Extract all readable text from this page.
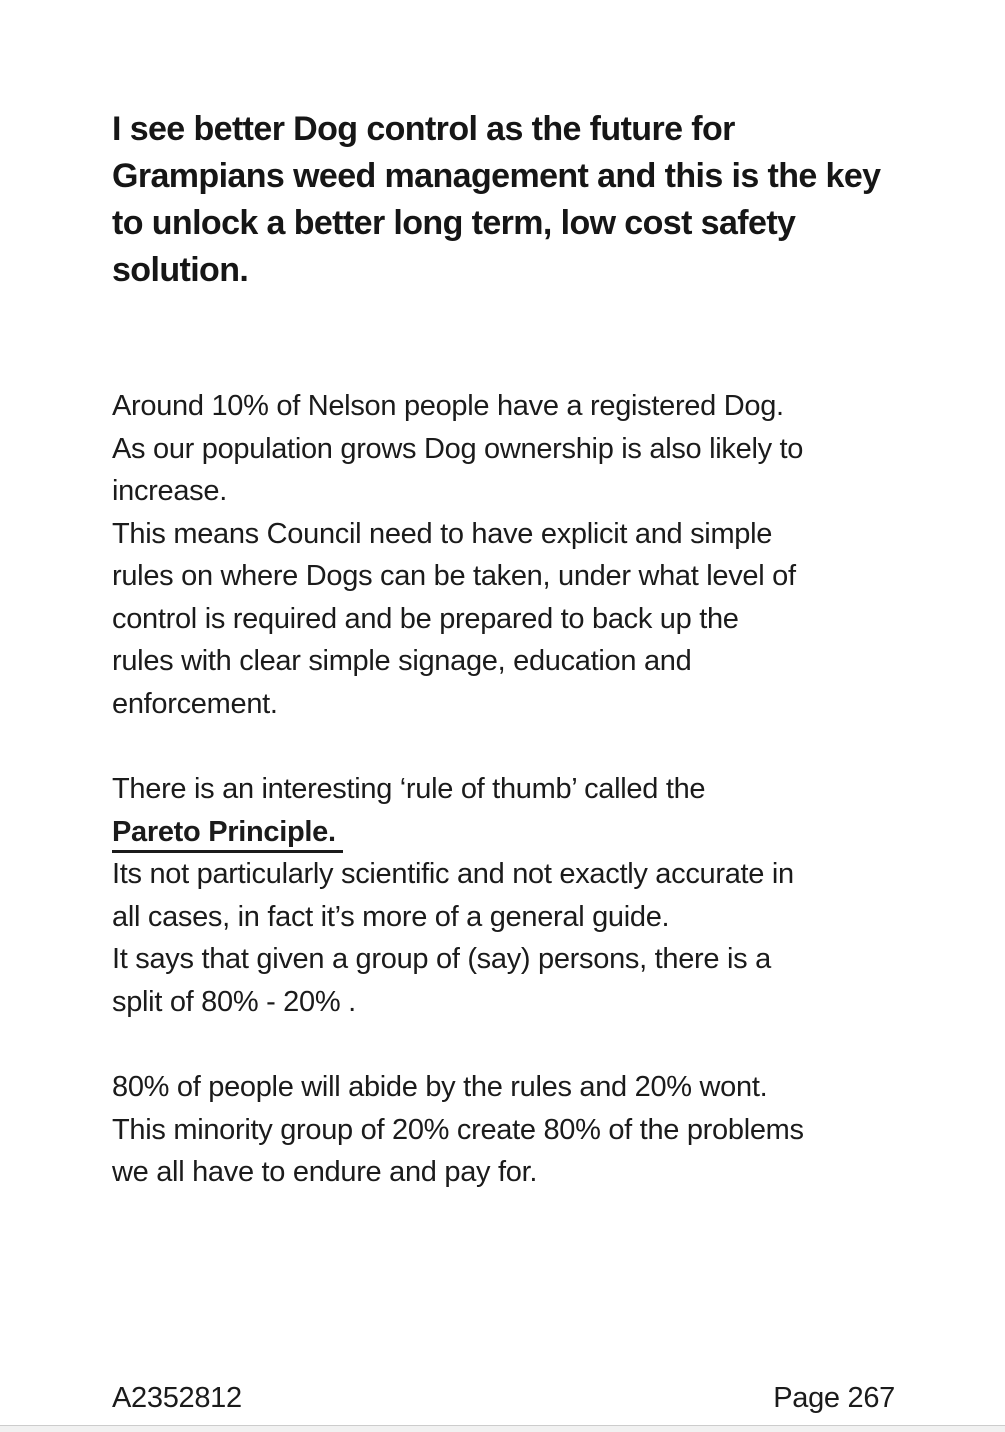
I see better Dog control as the future for
Grampians weed management and this is the key
to unlock a better long term, low cost safety
solution.
Around 10% of Nelson people have a registered Dog.
As our population grows Dog ownership is also likely to
increase.
This means Council need to have explicit and simple
rules on where Dogs can be taken, under what level of
control is required and be prepared to back up the
rules with clear simple signage, education and
enforcement.
There is an interesting ‘rule of thumb’ called the
Pareto Principle.
Its not particularly scientific and not exactly accurate in
all cases, in fact it’s more of a general guide.
It says that given a group of (say) persons, there is a
split of 80% - 20% .
80% of people will abide by the rules and 20% wont.
This minority group of 20% create 80% of the problems
we all have to endure and pay for.
A2352812	Page 267
